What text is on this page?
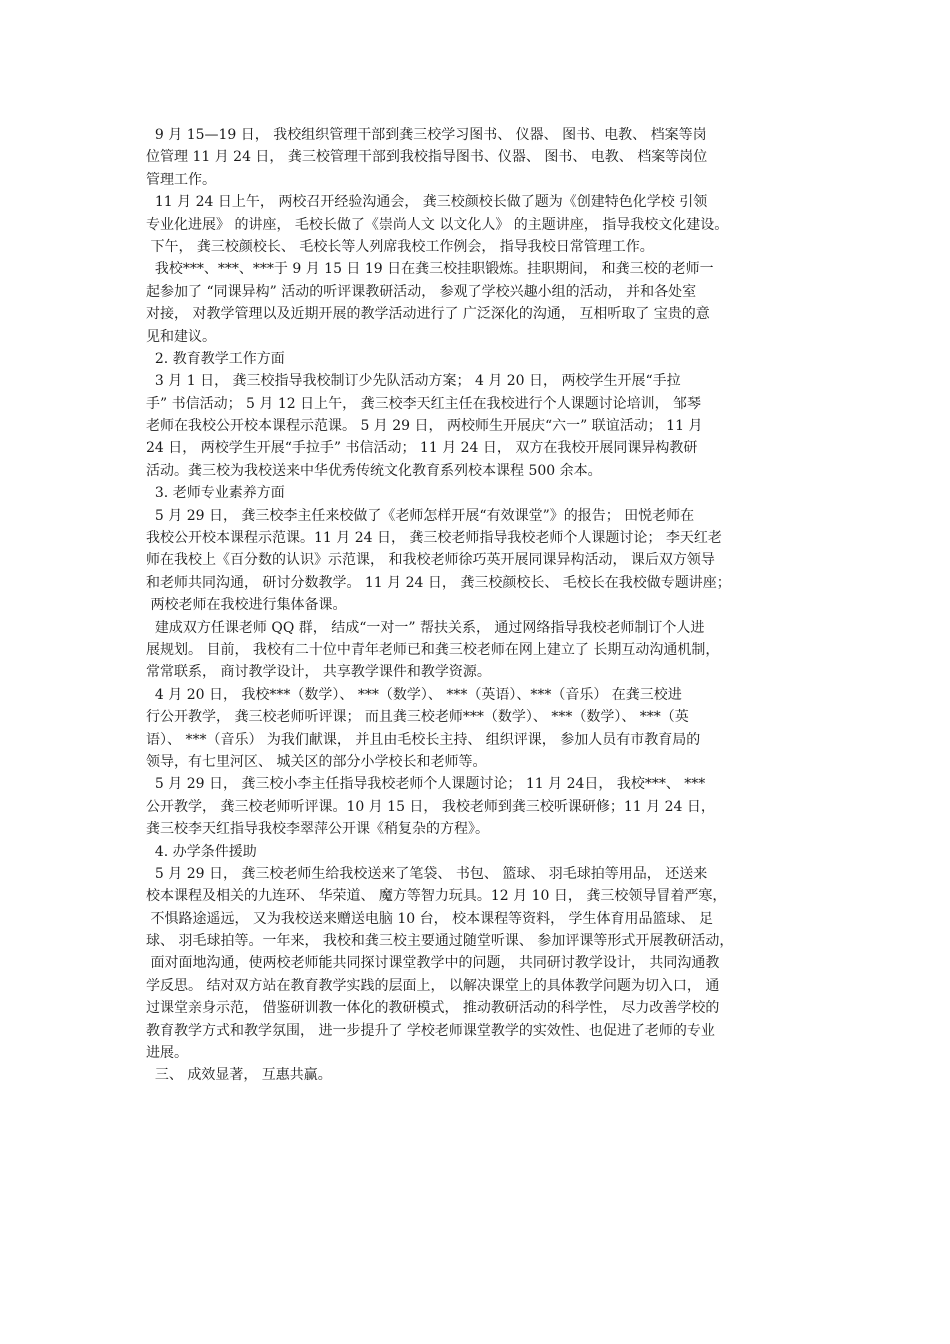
9 月 15—19 日， 我校组织管理干部到龚三校学习图书、 仪器、 图书、电教、 档案等岗
位管理 11 月 24 日， 龚三校管理干部到我校指导图书、仪器、 图书、 电教、 档案等岗位
管理工作。
11 月 24 日上午， 两校召开经验沟通会， 龚三校颜校长做了题为《创建特色化学校 引领
专业化进展》 的讲座， 毛校长做了《崇尚人文 以文化人》 的主题讲座， 指导我校文化建设。
下午， 龚三校颜校长、 毛校长等人列席我校工作例会， 指导我校日常管理工作。
我校***、***、***于 9 月 15 日 19 日在龚三校挂职锻炼。挂职期间， 和龚三校的老师一
起参加了 “同课异构” 活动的听评课教研活动， 参观了学校兴趣小组的活动， 并和各处室
对接， 对教学管理以及近期开展的教学活动进行了 广泛深化的沟通， 互相听取了 宝贵的意
见和建议。
2. 教育教学工作方面
3 月 1 日， 龚三校指导我校制订少先队活动方案； 4 月 20 日， 两校学生开展“手拉
手” 书信活动； 5 月 12 日上午， 龚三校李天红主任在我校进行个人课题讨论培训， 邹琴
老师在我校公开校本课程示范课。 5 月 29 日， 两校师生开展庆“六一” 联谊活动； 11 月
24 日， 两校学生开展“手拉手” 书信活动； 11 月 24 日， 双方在我校开展同课异构教研
活动。龚三校为我校送来中华优秀传统文化教育系列校本课程 500 余本。
3. 老师专业素养方面
5 月 29 日， 龚三校李主任来校做了《老师怎样开展“有效课堂”》的报告； 田悦老师在
我校公开校本课程示范课。11 月 24 日， 龚三校老师指导我校老师个人课题讨论； 李天红老
师在我校上《百分数的认识》示范课， 和我校老师徐巧英开展同课异构活动， 课后双方领导
和老师共同沟通， 研讨分数教学。 11 月 24 日， 龚三校颜校长、 毛校长在我校做专题讲座；
两校老师在我校进行集体备课。
建成双方任课老师 QQ 群， 结成“一对一” 帮扶关系， 通过网络指导我校老师制订个人进
展规划。 目前， 我校有二十位中青年老师已和龚三校老师在网上建立了 长期互动沟通机制，
常常联系， 商讨教学设计， 共享教学课件和教学资源。
4 月 20 日， 我校***（数学）、 ***（数学）、 ***（英语）、***（音乐） 在龚三校进
行公开教学， 龚三校老师听评课； 而且龚三校老师***（数学）、 ***（数学）、 ***（英
语）、 ***（音乐） 为我们献课， 并且由毛校长主持、 组织评课， 参加人员有市教育局的
领导，有七里河区、 城关区的部分小学校长和老师等。
5 月 29 日， 龚三校小李主任指导我校老师个人课题讨论； 11 月 24日， 我校***、 ***
公开教学， 龚三校老师听评课。10 月 15 日， 我校老师到龚三校听课研修；11 月 24 日，
龚三校李天红指导我校李翠萍公开课《稍复杂的方程》。
4. 办学条件援助
5 月 29 日， 龚三校老师生给我校送来了笔袋、 书包、 篮球、 羽毛球拍等用品， 还送来
校本课程及相关的九连环、 华荣道、 魔方等智力玩具。12 月 10 日， 龚三校领导冒着严寒，
不惧路途遥远， 又为我校送来赠送电脑 10 台， 校本课程等资料， 学生体育用品篮球、 足
球、 羽毛球拍等。一年来， 我校和龚三校主要通过随堂听课、 参加评课等形式开展教研活动，
面对面地沟通，使两校老师能共同探讨课堂教学中的问题， 共同研讨教学设计， 共同沟通教
学反思。 结对双方站在教育教学实践的层面上， 以解决课堂上的具体教学问题为切入口， 通
过课堂亲身示范， 借鉴研训教一体化的教研模式， 推动教研活动的科学性， 尽力改善学校的
教育教学方式和教学氛围， 进一步提升了 学校老师课堂教学的实效性、也促进了老师的专业
进展。
三、 成效显著， 互惠共赢。
